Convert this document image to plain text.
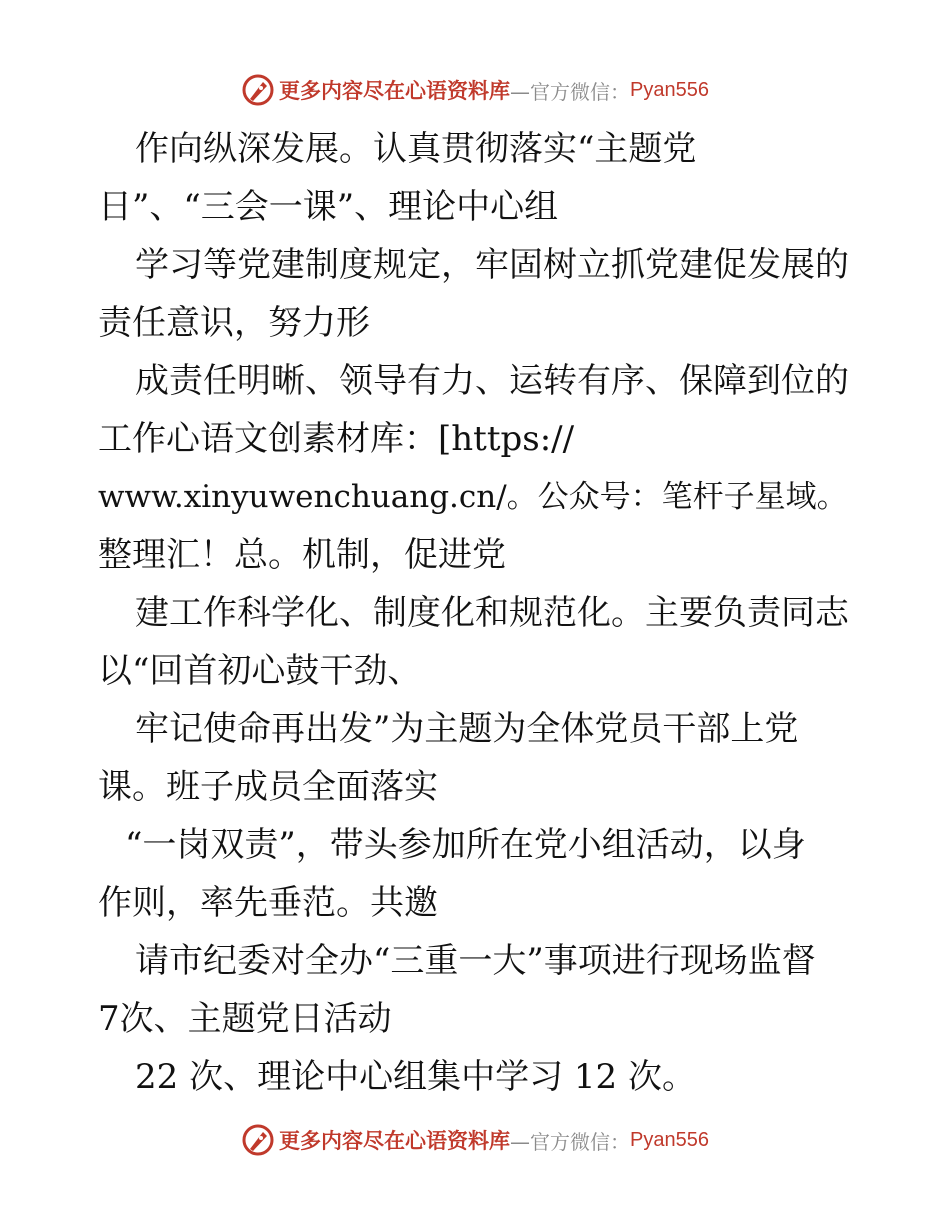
更多内容尽在心语资料库 —官方微信： Pyan556
作向纵深发展。认真贯彻落实“主题党
日”、“三会一课”、理论中心组
学习等党建制度规定，牢固树立抓党建促发展的
责任意识，努力形
成责任明晰、领导有力、运转有序、保障到位的
工作心语文创素材库：[https://
www.xinyuwenchuang.cn/。公众号：笔杆子星域。
整理汇！总。机制，促进党
建工作科学化、制度化和规范化。主要负责同志
以“回首初心鼓干劲、
牢记使命再出发”为主题为全体党员干部上党
课。班子成员全面落实
“一岗双责”，带头参加所在党小组活动，以身
作则，率先垂范。共邀
请市纪委对全办“三重一大”事项进行现场监督
7次、主题党日活动
22 次、理论中心组集中学习 12 次。
更多内容尽在心语资料库 —官方微信： Pyan556
